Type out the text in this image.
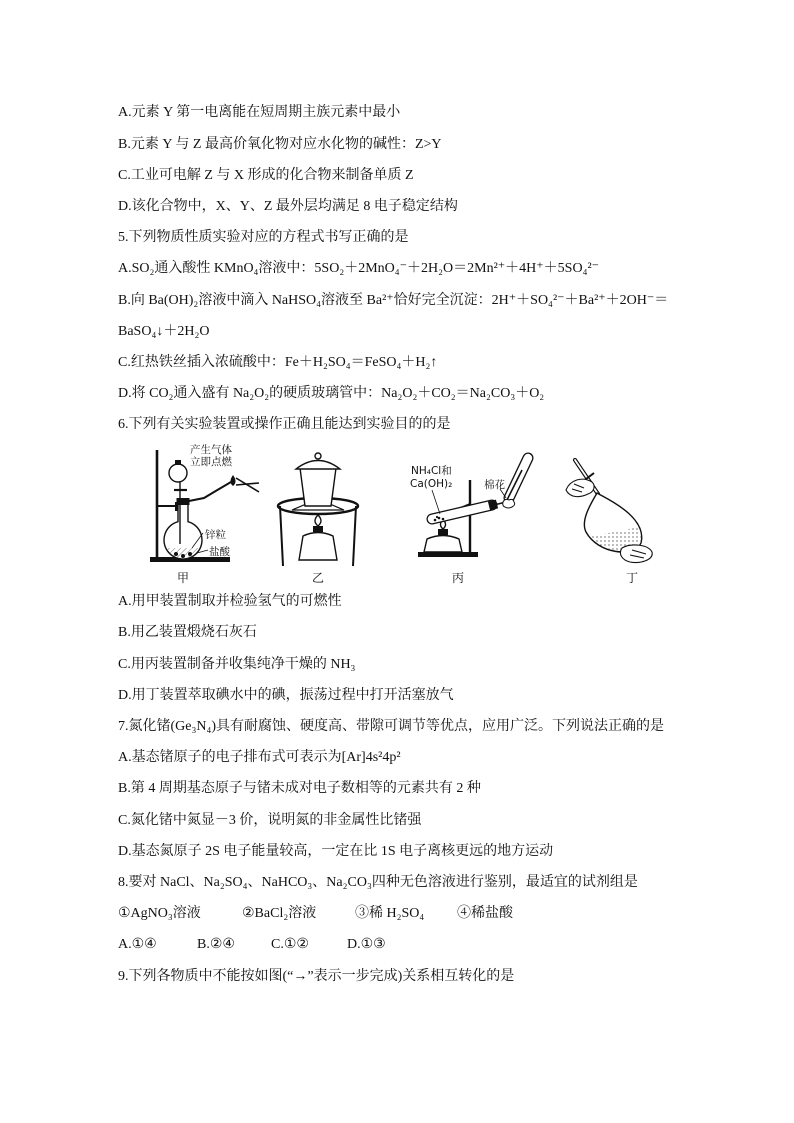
A.元素 Y 第一电离能在短周期主族元素中最小
B.元素 Y 与 Z 最高价氧化物对应水化物的碱性：Z>Y
C.工业可电解 Z 与 X 形成的化合物来制备单质 Z
D.该化合物中，X、Y、Z 最外层均满足 8 电子稳定结构
5.下列物质性质实验对应的方程式书写正确的是
A.SO₂通入酸性 KMnO₄溶液中：5SO₂＋2MnO₄⁻＋2H₂O＝2Mn²⁺＋4H⁺＋5SO₄²⁻
B.向 Ba(OH)₂溶液中滴入 NaHSO₄溶液至 Ba²⁺恰好完全沉淀：2H⁺＋SO₄²⁻＋Ba²⁺＋2OH⁻＝
BaSO₄↓＋2H₂O
C.红热铁丝插入浓硫酸中：Fe＋H₂SO₄＝FeSO₄＋H₂↑
D.将 CO₂通入盛有 Na₂O₂的硬质玻璃管中：Na₂O₂＋CO₂＝Na₂CO₃＋O₂
6.下列有关实验装置或操作正确且能达到实验目的的是
产生气体
立即点燃
锌粒
盐酸
甲	乙
NH₄Cl和
Ca(OH)₂	棉花
丙	丁
A.用甲装置制取并检验氢气的可燃性
B.用乙装置煅烧石灰石
C.用丙装置制备并收集纯净干燥的 NH₃
D.用丁装置萃取碘水中的碘，振荡过程中打开活塞放气
7.氮化锗(Ge₃N₄)具有耐腐蚀、硬度高、带隙可调节等优点，应用广泛。下列说法正确的是
A.基态锗原子的电子排布式可表示为[Ar]4s²4p²
B.第 4 周期基态原子与锗未成对电子数相等的元素共有 2 种
C.氮化锗中氮显－3 价，说明氮的非金属性比锗强
D.基态氮原子 2S 电子能量较高，一定在比 1S 电子离核更远的地方运动
8.要对 NaCl、Na₂SO₄、NaHCO₃、Na₂CO₃四种无色溶液进行鉴别，最适宜的试剂组是
①AgNO₃溶液	②BaCl₂溶液	③稀 H₂SO₄ ④稀盐酸
A.①④	B.②④	C.①②	D.①③
9.下列各物质中不能按如图(“→”表示一步完成)关系相互转化的是
